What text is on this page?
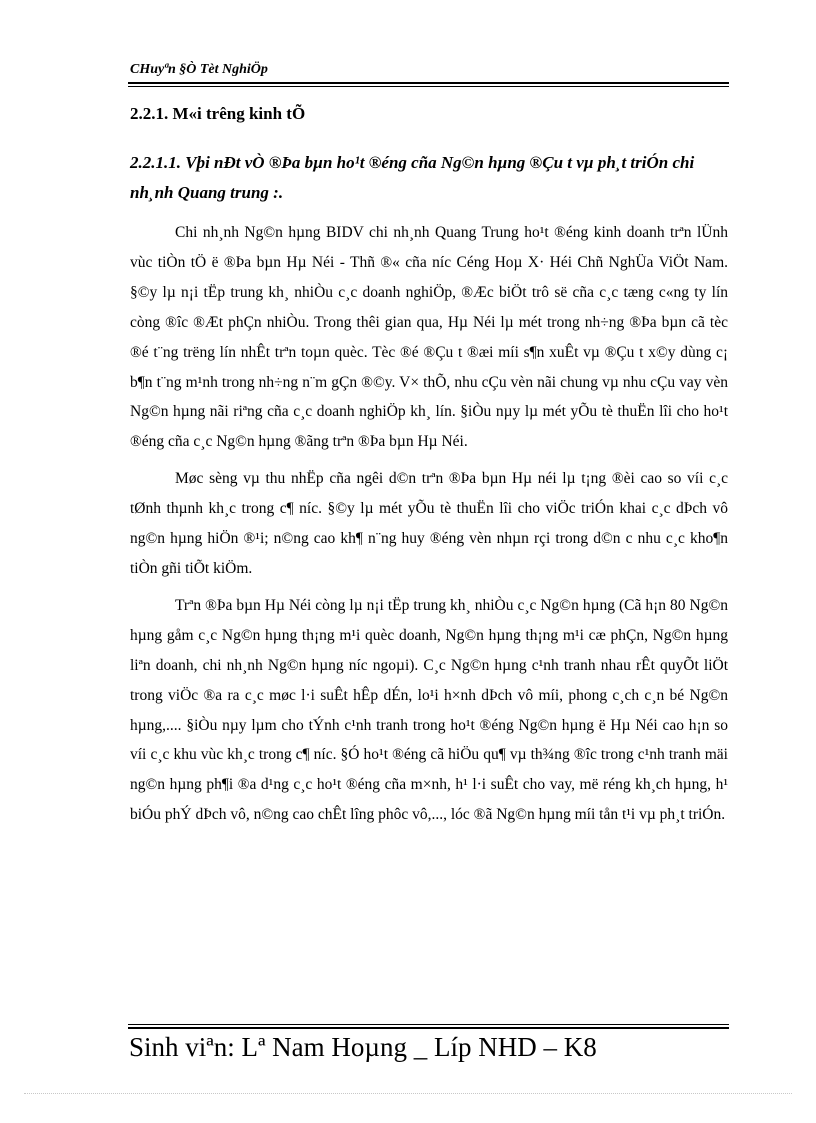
CHuyªn §Ò Tèt NghiÖp
2.2.1. M«i trêng kinh tÕ
2.2.1.1. Vþi nÐt vÒ ®Þa bµn ho¹t ®éng cña Ng©n hµng ®Çu t vµ ph¸t triÓn chi nh¸nh Quang trung :.

Chi nh¸nh Ng©n hµng BIDV chi nh¸nh Quang Trung ho¹t ®éng kinh doanh trªn lÜnh vùc tiÒn tÖ ë ®Þa bµn Hµ Néi - Thñ ®« cña níc Céng Hoµ X· Héi Chñ NghÜa ViÖt Nam. §©y lµ n¡i tËp trung kh¸ nhiÒu c¸c doanh nghiÖp, ®Æc biÖt trô së cña c¸c tæng c«ng ty lín còng ®îc ®Æt phÇn nhiÒu. Trong thêi gian qua, Hµ Néi lµ mét trong nh÷ng ®Þa bµn cã tèc ®é t¨ng trëng lín nhÊt trªn toµn quèc. Tèc ®é ®Çu t ®æi míi s¶n xuÊt vµ ®Çu t x©y dùng c¡ b¶n t¨ng m¹nh trong nh÷ng n¨m gÇn ®©y. V× thÕ, nhu cÇu vèn nãi chung vµ nhu cÇu vay vèn Ng©n hµng nãi riªng cña c¸c doanh nghiÖp kh¸ lín. §iÒu nµy lµ mét yÕu tè thuËn lîi cho ho¹t ®éng cña c¸c Ng©n hµng ®ãng trªn ®Þa bµn Hµ Néi.

Møc sèng vµ thu nhËp cña ngêi d©n trªn ®Þa bµn Hµ néi lµ t¡ng ®èi cao so víi c¸c tØnh thµnh kh¸c trong c¶ níc. §©y lµ mét yÕu tè thuËn lîi cho viÖc triÓn khai c¸c dÞch vô ng©n hµng hiÖn ®¹i; n©ng cao kh¶ n¨ng huy ®éng vèn nhµn rçi trong d©n c nhu c¸c kho¶n tiÒn gñi tiÕt kiÖm.

Trªn ®Þa bµn Hµ Néi còng lµ n¡i tËp trung kh¸ nhiÒu c¸c Ng©n hµng (Cã h¡n 80 Ng©n hµng gåm c¸c Ng©n hµng th¡ng m¹i quèc doanh, Ng©n hµng th¡ng m¹i cæ phÇn, Ng©n hµng liªn doanh, chi nh¸nh Ng©n hµng níc ngoµi). C¸c Ng©n hµng c¹nh tranh nhau rÊt quyÕt liÖt trong viÖc ®a ra c¸c møc l·i suÊt hÊp dÉn, lo¹i h×nh dÞch vô míi, phong c¸ch c¸n bé Ng©n hµng,.... §iÒu nµy lµm cho tÝnh c¹nh tranh trong ho¹t ®éng Ng©n hµng ë Hµ Néi cao h¡n so víi c¸c khu vùc kh¸c trong c¶ níc. §Ó ho¹t ®éng cã hiÖu qu¶ vµ th¾ng ®îc trong c¹nh tranh mäi ng©n hµng ph¶i ®a d¹ng c¸c ho¹t ®éng cña m×nh, h¹ l·i suÊt cho vay, më réng kh¸ch hµng, h¹ biÓu phÝ dÞch vô, n©ng cao chÊt lîng phôc vô,..., lóc ®ã Ng©n hµng míi tån t¹i vµ ph¸t triÓn.

Sinh viªn: Lª Nam Hoµng _ Líp NHD – K8
